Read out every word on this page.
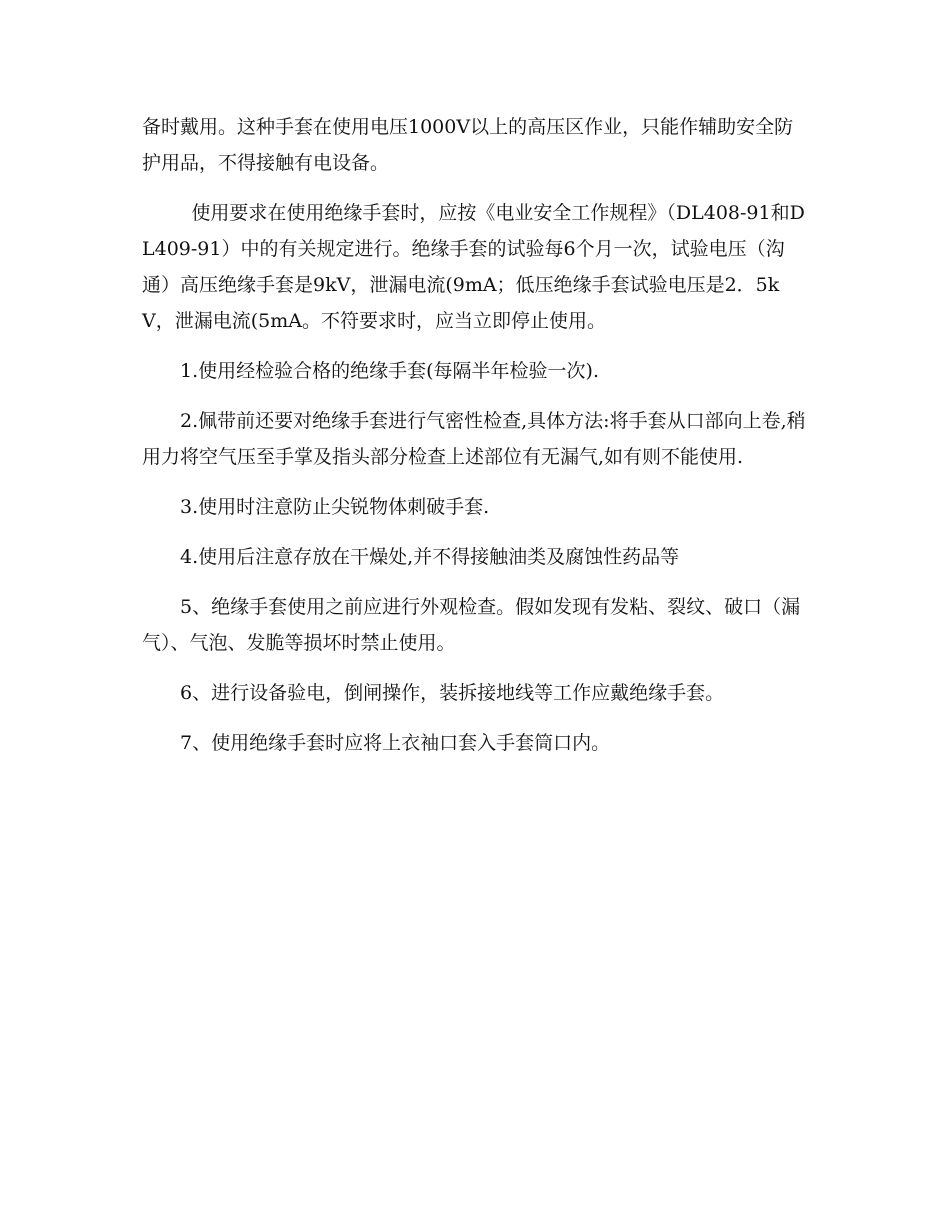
备时戴用。这种手套在使用电压1000V以上的高压区作业，只能作辅助安全防护用品，不得接触有电设备。

使用要求在使用绝缘手套时，应按《电业安全工作规程》（DL408-91和DL409-91）中的有关规定进行。绝缘手套的试验每6个月一次，试验电压（沟通）高压绝缘手套是9kV，泄漏电流(9mA；低压绝缘手套试验电压是2．5kV，泄漏电流(5mA。不符要求时，应当立即停止使用。

1.使用经检验合格的绝缘手套(每隔半年检验一次).

2.佩带前还要对绝缘手套进行气密性检查,具体方法:将手套从口部向上卷,稍用力将空气压至手掌及指头部分检查上述部位有无漏气,如有则不能使用.

3.使用时注意防止尖锐物体刺破手套.

4.使用后注意存放在干燥处,并不得接触油类及腐蚀性药品等

5、绝缘手套使用之前应进行外观检查。假如发现有发粘、裂纹、破口（漏气）、气泡、发脆等损坏时禁止使用。

6、进行设备验电，倒闸操作，装拆接地线等工作应戴绝缘手套。

7、使用绝缘手套时应将上衣袖口套入手套筒口内。
